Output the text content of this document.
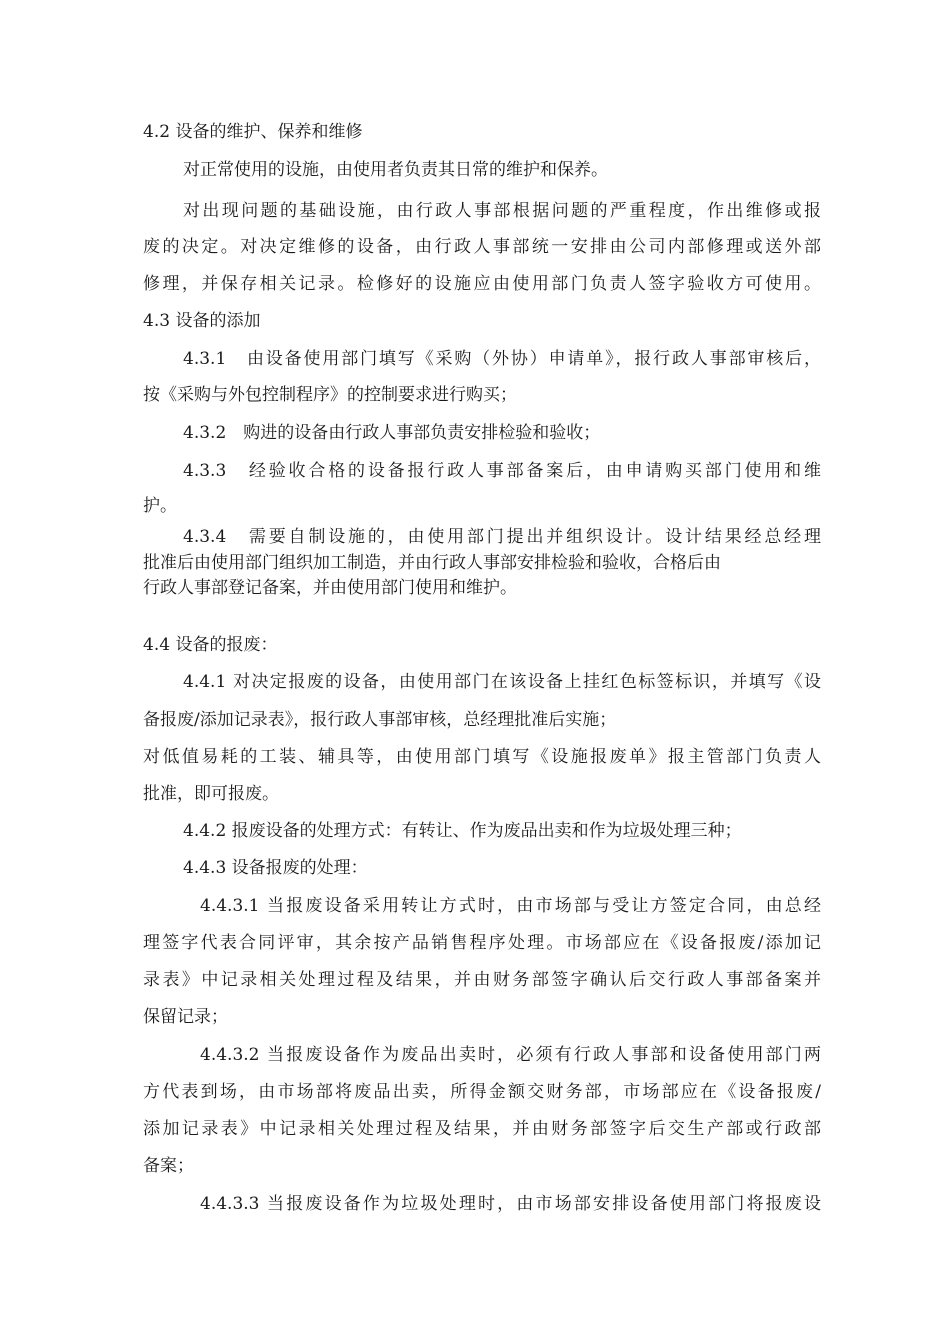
4.2 设备的维护、保养和维修

对正常使用的设施，由使用者负责其日常的维护和保养。

对出现问题的基础设施，由行政人事部根据问题的严重程度，作出维修或报

废的决定。对决定维修的设备，由行政人事部统一安排由公司内部修理或送外部

修理，并保存相关记录。检修好的设施应由使用部门负责人签字验收方可使用。

4.3 设备的添加

4.3.1　由设备使用部门填写《采购（外协）申请单》，报行政人事部审核后，

按《采购与外包控制程序》的控制要求进行购买；

4.3.2　购进的设备由行政人事部负责安排检验和验收；

4.3.3　经验收合格的设备报行政人事部备案后，由申请购买部门使用和维

护。

4.3.4　需要自制设施的，由使用部门提出并组织设计。设计结果经总经理

批准后由使用部门组织加工制造，并由行政人事部安排检验和验收，合格后由

行政人事部登记备案，并由使用部门使用和维护。

4.4 设备的报废：

4.4.1 对决定报废的设备，由使用部门在该设备上挂红色标签标识，并填写《设

备报废/添加记录表》，报行政人事部审核，总经理批准后实施；

对低值易耗的工装、辅具等，由使用部门填写《设施报废单》报主管部门负责人

批准，即可报废。

4.4.2 报废设备的处理方式：有转让、作为废品出卖和作为垃圾处理三种；

4.4.3 设备报废的处理：

4.4.3.1 当报废设备采用转让方式时，由市场部与受让方签定合同，由总经

理签字代表合同评审，其余按产品销售程序处理。市场部应在《设备报废/添加记

录表》中记录相关处理过程及结果，并由财务部签字确认后交行政人事部备案并

保留记录；

4.4.3.2 当报废设备作为废品出卖时，必须有行政人事部和设备使用部门两

方代表到场，由市场部将废品出卖，所得金额交财务部，市场部应在《设备报废/

添加记录表》中记录相关处理过程及结果，并由财务部签字后交生产部或行政部

备案；

4.4.3.3 当报废设备作为垃圾处理时，由市场部安排设备使用部门将报废设
